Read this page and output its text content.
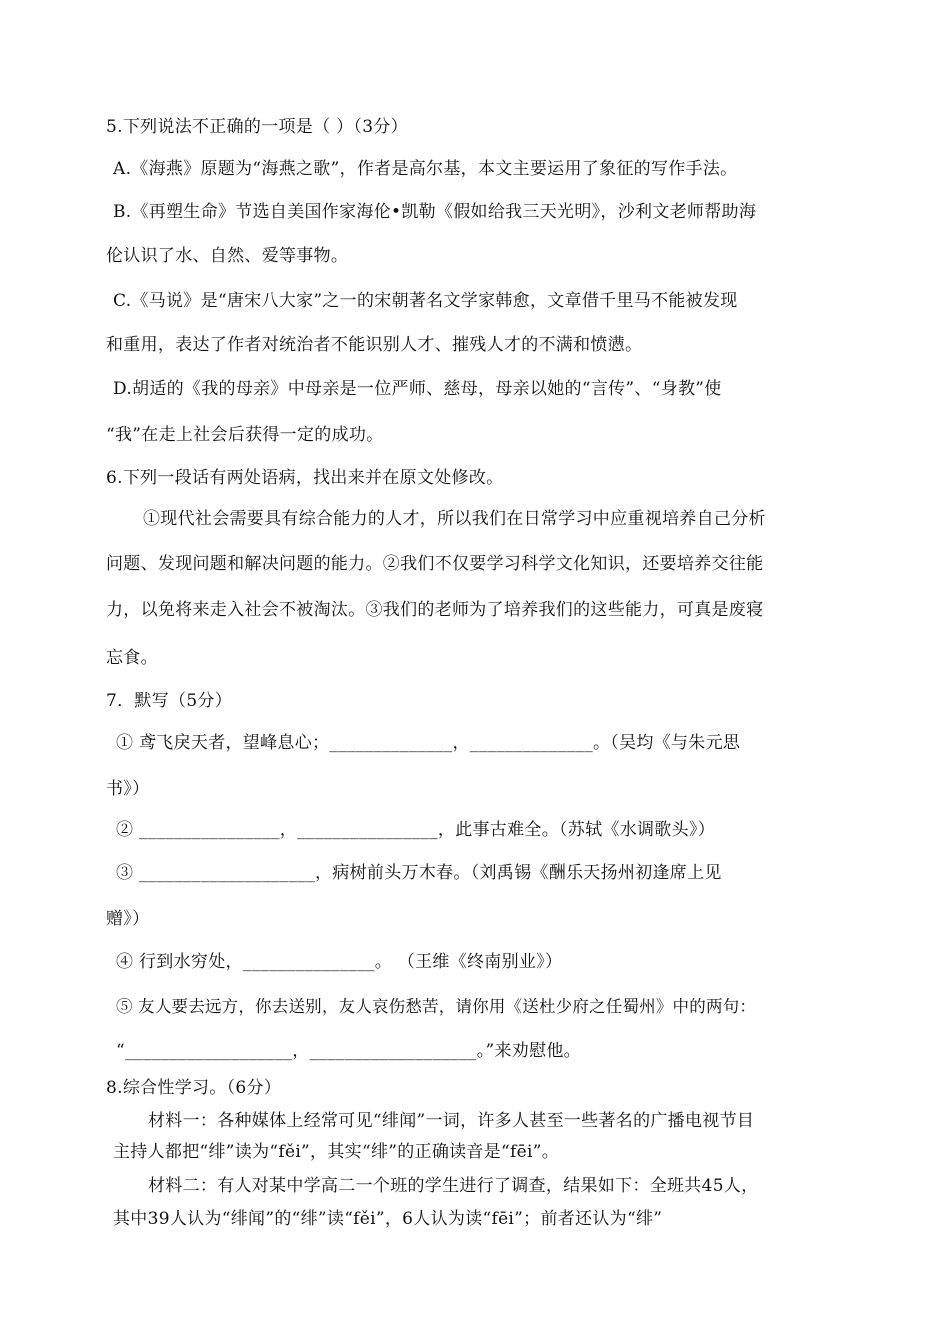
5.下列说法不正确的一项是（ ）（3分）
A.《海燕》原题为“海燕之歌”，作者是高尔基，本文主要运用了象征的写作手法。
B.《再塑生命》节选自美国作家海伦•凯勒《假如给我三天光明》，沙利文老师帮助海
伦认识了水、自然、爱等事物。
C.《马说》是“唐宋八大家”之一的宋朝著名文学家韩愈，文章借千里马不能被发现
和重用，表达了作者对统治者不能识别人才、摧残人才的不满和愤懑。
D.胡适的《我的母亲》中母亲是一位严师、慈母，母亲以她的“言传”、“身教”使
“我”在走上社会后获得一定的成功。
6.下列一段话有两处语病，找出来并在原文处修改。
①现代社会需要具有综合能力的人才，所以我们在日常学习中应重视培养自己分析
问题、发现问题和解决问题的能力。②我们不仅要学习科学文化知识，还要培养交往能
力，以免将来走入社会不被淘汰。③我们的老师为了培养我们的这些能力，可真是废寝
忘食。
7．默写（5分）
① 鸢飞戾天者，望峰息心；______________，______________。（吴均《与朱元思
书》）
② ________________，________________，此事古难全。（苏轼《水调歌头》）
③ ____________________，病树前头万木春。（刘禹锡《酬乐天扬州初逢席上见
赠》）
④ 行到水穷处，_______________。 （王维《终南别业》）
⑤ 友人要去远方，你去送别，友人哀伤愁苦，请你用《送杜少府之任蜀州》中的两句：
“___________________，___________________。”来劝慰他。
8.综合性学习。（6分）
材料一：各种媒体上经常可见“绯闻”一词，许多人甚至一些著名的广播电视节目
主持人都把“绯”读为“fěi”，其实“绯”的正确读音是“fēi”。
材料二：有人对某中学高二一个班的学生进行了调查，结果如下：全班共45人，
其中39人认为“绯闻”的“绯”读“fěi”，6人认为读“fēi”；前者还认为“绯”
